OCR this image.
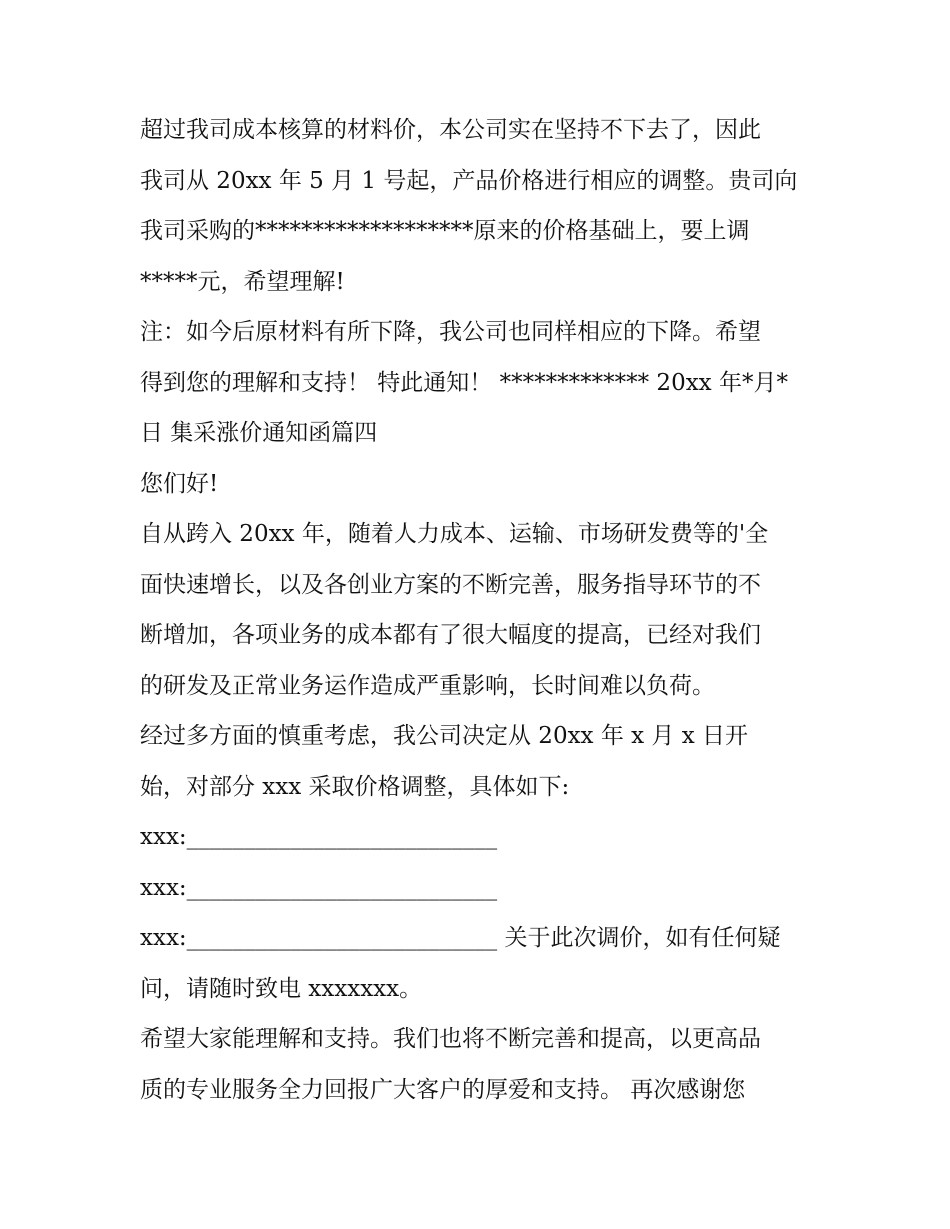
超过我司成本核算的材料价，本公司实在坚持不下去了，因此
我司从 20xx 年 5 月 1 号起，产品价格进行相应的调整。贵司向
我司采购的*******************原来的价格基础上，要上调
*****元，希望理解!
注：如今后原材料有所下降，我公司也同样相应的下降。希望
得到您的理解和支持！ 特此通知！ ************* 20xx 年*月*
日 集采涨价通知函篇四
您们好!
自从跨入 20xx 年，随着人力成本、运输、市场研发费等的'全
面快速增长，以及各创业方案的不断完善，服务指导环节的不
断增加，各项业务的成本都有了很大幅度的提高，已经对我们
的研发及正常业务运作造成严重影响，长时间难以负荷。
经过多方面的慎重考虑，我公司决定从 20xx 年 x 月 x 日开
始，对部分 xxx 采取价格调整，具体如下:
xxx:___________________________
xxx:___________________________
xxx:___________________________ 关于此次调价，如有任何疑
问，请随时致电 xxxxxxx。
希望大家能理解和支持。我们也将不断完善和提高，以更高品
质的专业服务全力回报广大客户的厚爱和支持。 再次感谢您
